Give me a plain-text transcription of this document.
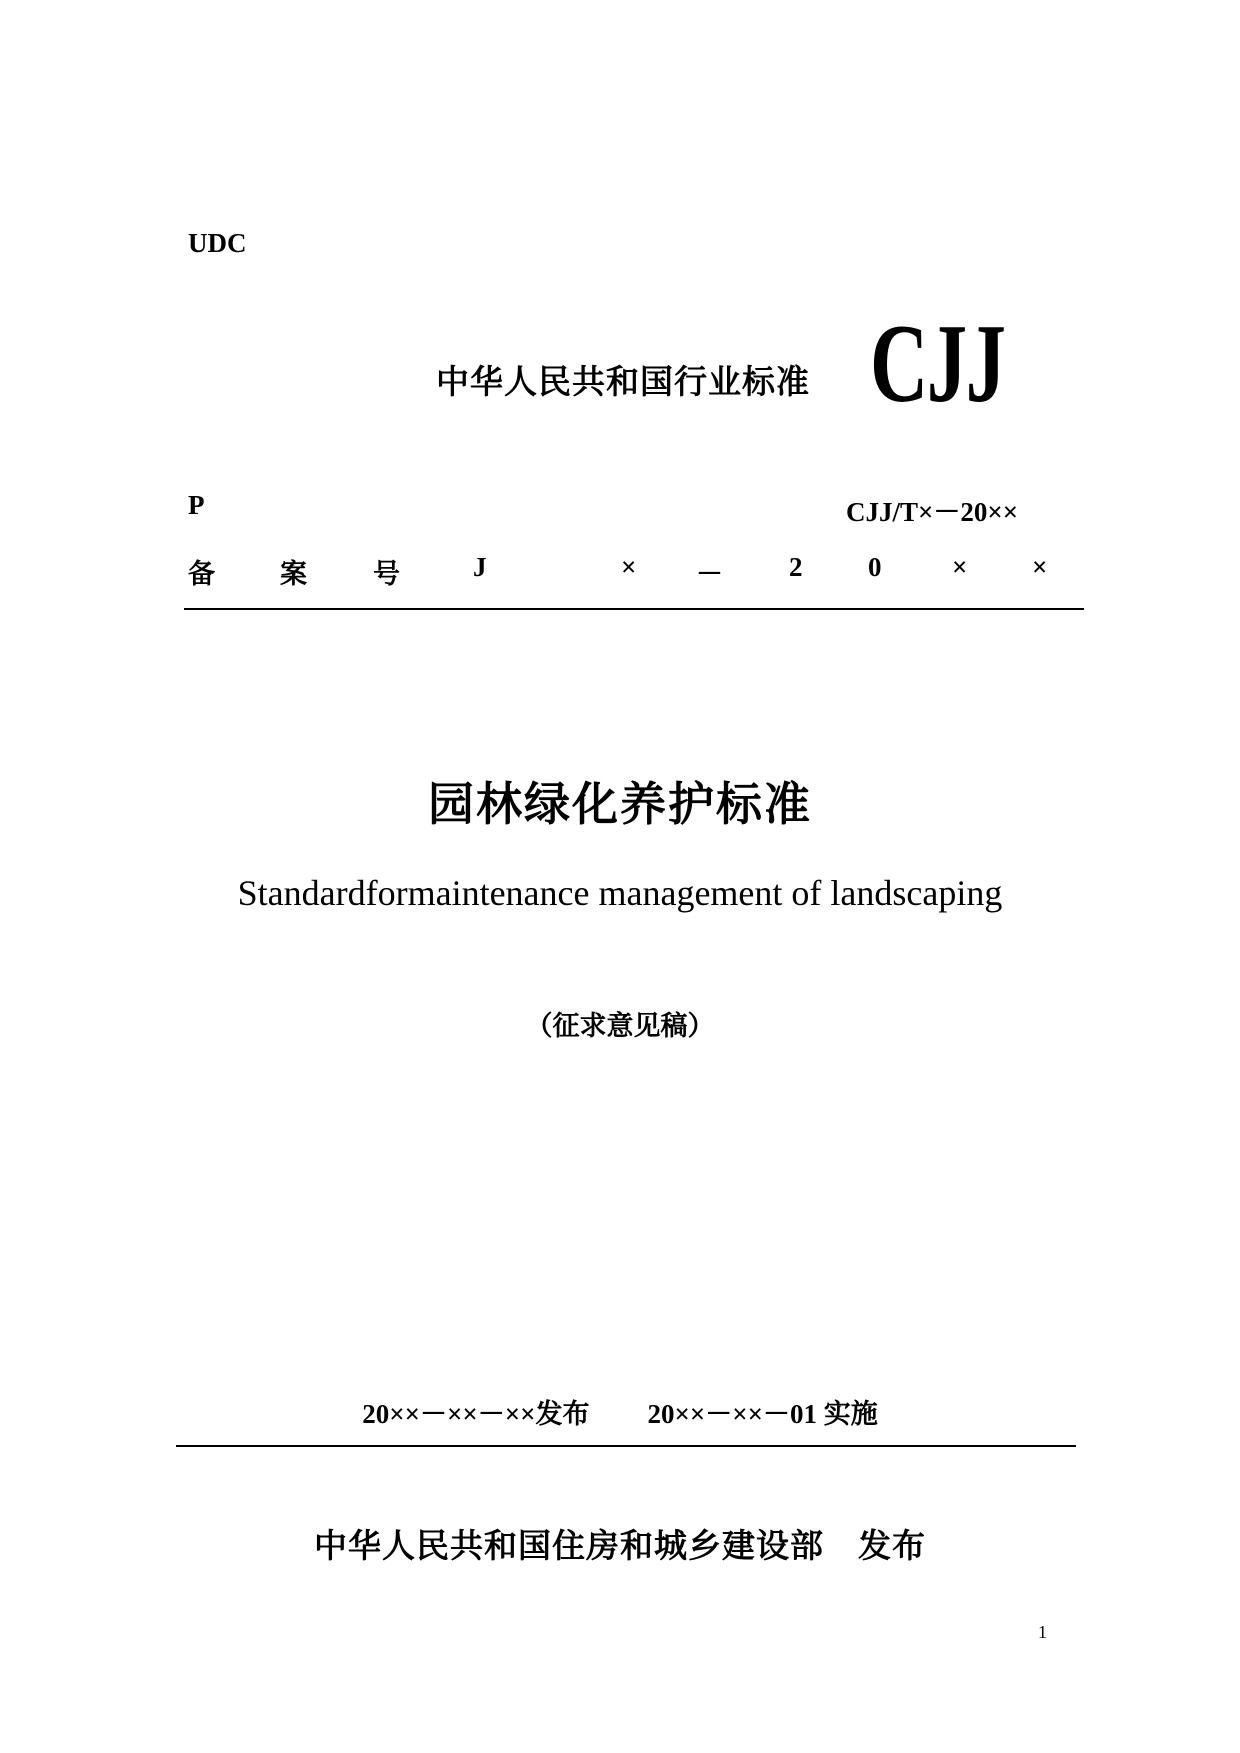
UDC
中华人民共和国行业标准 CJJ
P	CJJ/T×－20××
备 案 号	J	× － 2 0	× ×
园林绿化养护标准
Standardformaintenance management of landscaping
（征求意见稿）
20××－××－××发布 20××－××－01 实施
中华人民共和国住房和城乡建设部　发布
1
